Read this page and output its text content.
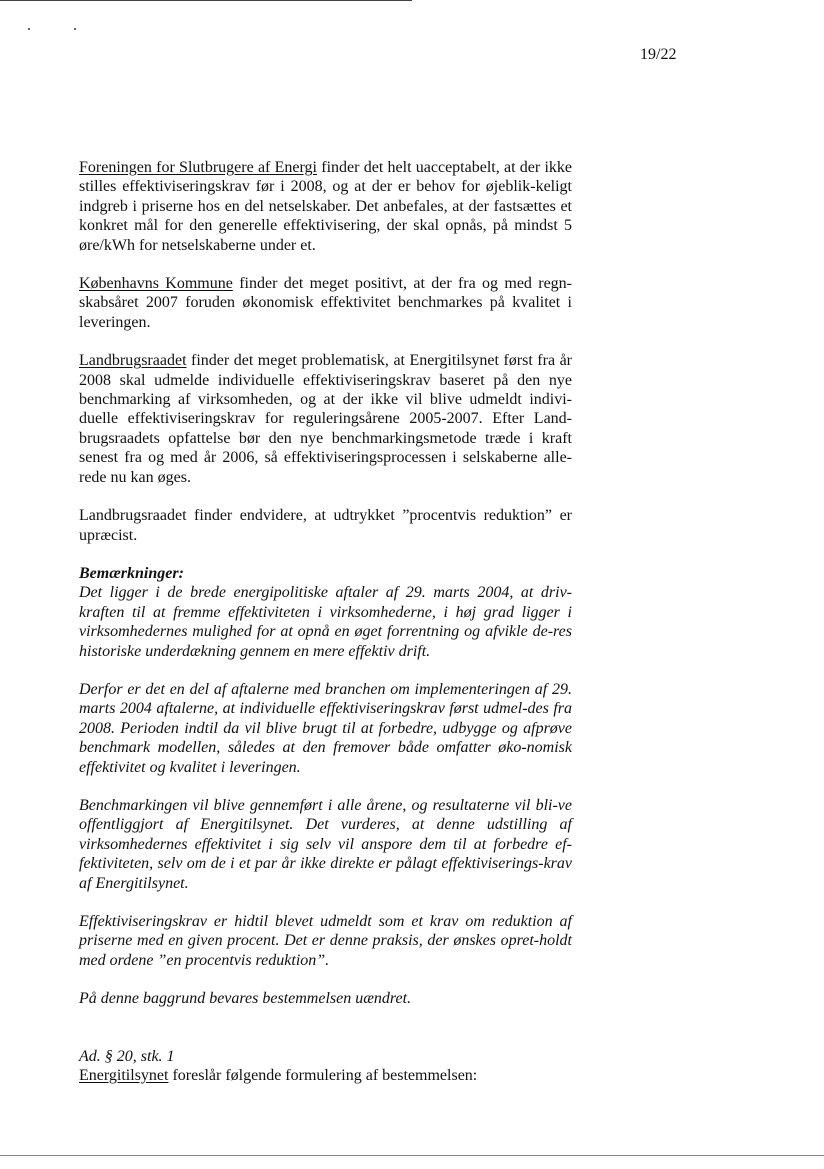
19/22

Foreningen for Slutbrugere af Energi finder det helt uacceptabelt, at der ikke stilles effektiviseringskrav før i 2008, og at der er behov for øjeblik-keligt indgreb i priserne hos en del netselskaber. Det anbefales, at der fastsættes et konkret mål for den generelle effektivisering, der skal opnås, på mindst 5 øre/kWh for netselskaberne under et.

Københavns Kommune finder det meget positivt, at der fra og med regn-skabsåret 2007 foruden økonomisk effektivitet benchmarkes på kvalitet i leveringen.

Landbrugsraadet finder det meget problematisk, at Energitilsynet først fra år 2008 skal udmelde individuelle effektiviseringskrav baseret på den nye benchmarking af virksomheden, og at der ikke vil blive udmeldt indivi-duelle effektiviseringskrav for reguleringsårene 2005-2007. Efter Land-brugsraadets opfattelse bør den nye benchmarkingsmetode træde i kraft senest fra og med år 2006, så effektiviseringsprocessen i selskaberne alle-rede nu kan øges.

Landbrugsraadet finder endvidere, at udtrykket ”procentvis reduktion” er upræcist.

Bemærkninger:

Det ligger i de brede energipolitiske aftaler af 29. marts 2004, at driv-kraften til at fremme effektiviteten i virksomhederne, i høj grad ligger i virksomhedernes mulighed for at opnå en øget forrentning og afvikle de-res historiske underdækning gennem en mere effektiv drift.

Derfor er det en del af aftalerne med branchen om implementeringen af 29. marts 2004 aftalerne, at individuelle effektiviseringskrav først udmel-des fra 2008. Perioden indtil da vil blive brugt til at forbedre, udbygge og afprøve benchmark modellen, således at den fremover både omfatter øko-nomisk effektivitet og kvalitet i leveringen.

Benchmarkingen vil blive gennemført i alle årene, og resultaterne vil bli-ve offentliggjort af Energitilsynet. Det vurderes, at denne udstilling af virksomhedernes effektivitet i sig selv vil anspore dem til at forbedre ef-fektiviteten, selv om de i et par år ikke direkte er pålagt effektiviserings-krav af Energitilsynet.

Effektiviseringskrav er hidtil blevet udmeldt som et krav om reduktion af priserne med en given procent. Det er denne praksis, der ønskes opret-holdt med ordene ”en procentvis reduktion”.

På denne baggrund bevares bestemmelsen uændret.

Ad. § 20, stk. 1

Energitilsynet foreslår følgende formulering af bestemmelsen:
